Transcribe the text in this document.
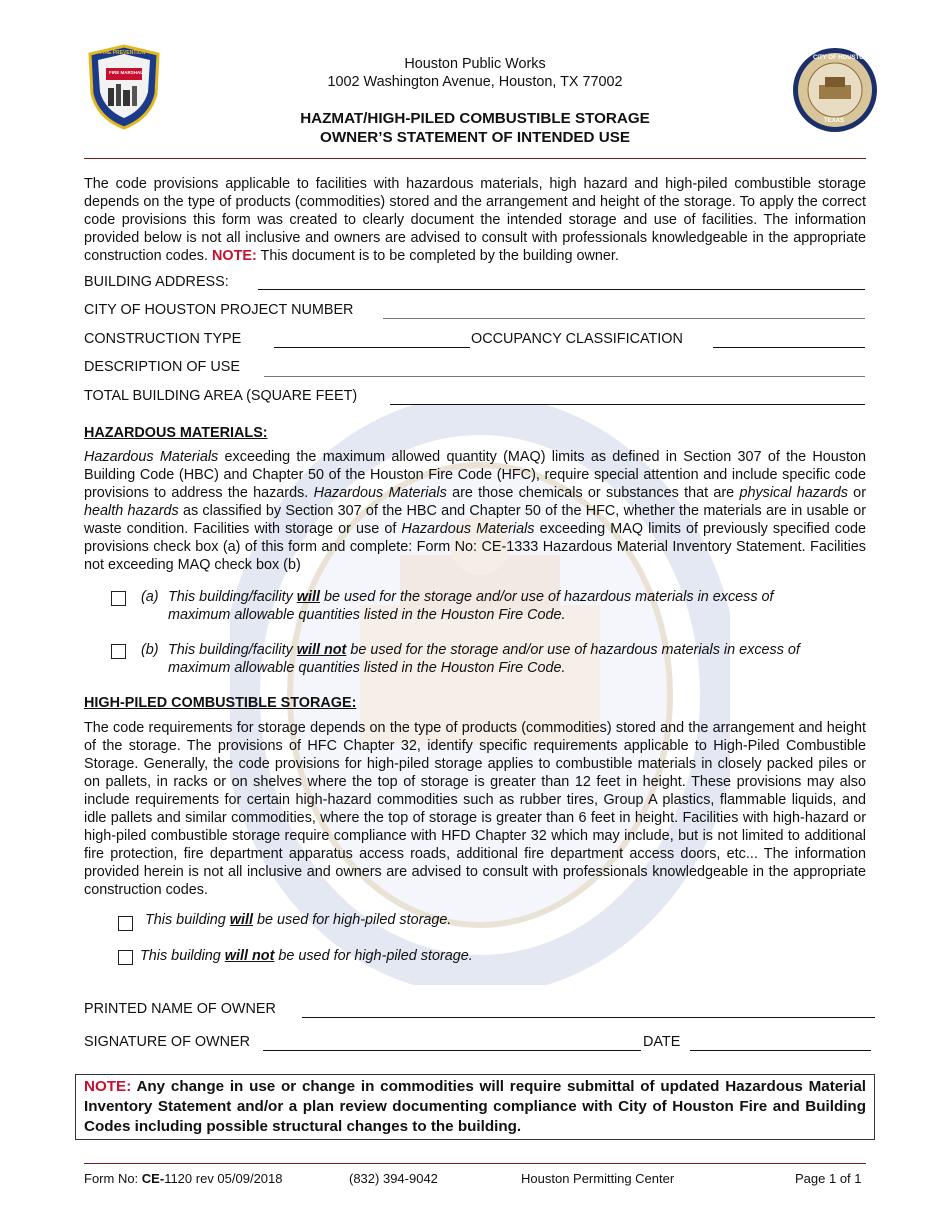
FIRE PREVENTION
FIRE MARSHAL
CITY OF HOUSTON
TEXAS
Houston Public Works
1002 Washington Avenue, Houston, TX 77002
HAZMAT/HIGH-PILED COMBUSTIBLE STORAGE
OWNER’S STATEMENT OF INTENDED USE
The code provisions applicable to facilities with hazardous materials, high hazard and high-piled combustible storage depends on the type of products (commodities) stored and the arrangement and height of the storage. To apply the correct code provisions this form was created to clearly document the intended storage and use of facilities. The information provided below is not all inclusive and owners are advised to consult with professionals knowledgeable in the appropriate construction codes. NOTE: This document is to be completed by the building owner.
BUILDING ADDRESS:
CITY OF HOUSTON PROJECT NUMBER
CONSTRUCTION TYPE	OCCUPANCY CLASSIFICATION
DESCRIPTION OF USE
TOTAL BUILDING AREA (SQUARE FEET)
HAZARDOUS MATERIALS:
Hazardous Materials exceeding the maximum allowed quantity (MAQ) limits as defined in Section 307 of the Houston Building Code (HBC) and Chapter 50 of the Houston Fire Code (HFC), require special attention and include specific code provisions to address the hazards. Hazardous Materials are those chemicals or substances that are physical hazards or health hazards as classified by Section 307 of the HBC and Chapter 50 of the HFC, whether the materials are in usable or waste condition. Facilities with storage or use of Hazardous Materials exceeding MAQ limits of previously specified code provisions check box (a) of this form and complete: Form No: CE-1333 Hazardous Material Inventory Statement. Facilities not exceeding MAQ check box (b)
(a) This building/facility will be used for the storage and/or use of hazardous materials in excess of
maximum allowable quantities listed in the Houston Fire Code.
(b) This building/facility will not be used for the storage and/or use of hazardous materials in excess of
maximum allowable quantities listed in the Houston Fire Code.
HIGH-PILED COMBUSTIBLE STORAGE:
The code requirements for storage depends on the type of products (commodities) stored and the arrangement and height of the storage. The provisions of HFC Chapter 32, identify specific requirements applicable to High-Piled Combustible Storage. Generally, the code provisions for high-piled storage applies to combustible materials in closely packed piles or on pallets, in racks or on shelves where the top of storage is greater than 12 feet in height. These provisions may also include requirements for certain high-hazard commodities such as rubber tires, Group A plastics, flammable liquids, and idle pallets and similar commodities, where the top of storage is greater than 6 feet in height. Facilities with high-hazard or high-piled combustible storage require compliance with HFD Chapter 32 which may include, but is not limited to additional fire protection, fire department apparatus access roads, additional fire department access doors, etc... The information provided herein is not all inclusive and owners are advised to consult with professionals knowledgeable in the appropriate construction codes.
This building will be used for high-piled storage.
This building will not be used for high-piled storage.
PRINTED NAME OF OWNER
SIGNATURE OF OWNER	DATE
NOTE: Any change in use or change in commodities will require submittal of updated Hazardous Material Inventory Statement and/or a plan review documenting compliance with City of Houston Fire and Building Codes including possible structural changes to the building.
Form No: CE-1120 rev 05/09/2018	(832) 394-9042	Houston Permitting Center	Page 1 of 1
